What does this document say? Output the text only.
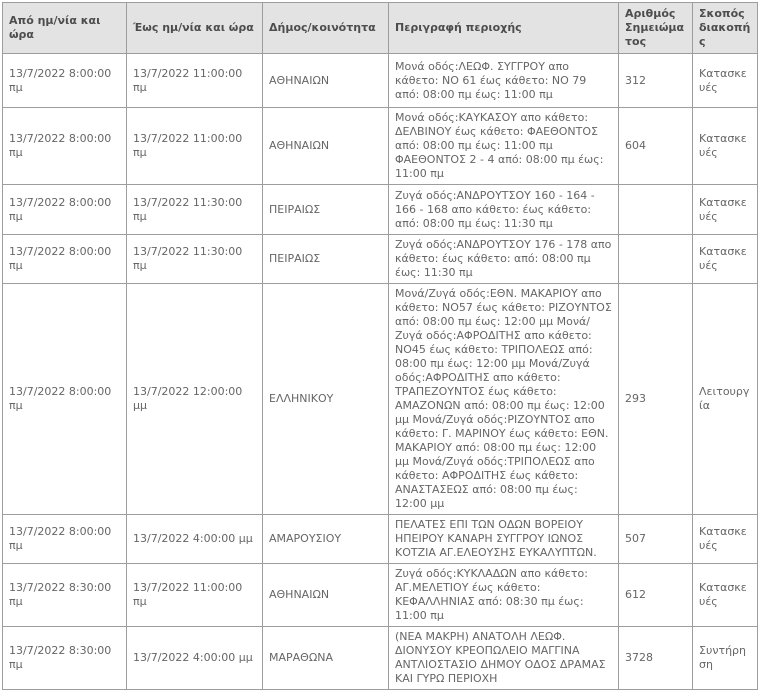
Από ημ/νία και ώρα	Έως ημ/νία και ώρα	Δήμος/κοινότητα	Περιγραφή περιοχής	Αριθμός Σημειώματος	Σκοπός διακοπής
13/7/2022 8:00:00 πμ	13/7/2022 11:00:00 πμ	ΑΘΗΝΑΙΩΝ	Μονά οδός:ΛΕΩΦ. ΣΥΓΓΡΟΥ απο κάθετο: ΝΟ 61 έως κάθετο: ΝΟ 79 από: 08:00 πμ έως: 11:00 πμ	312	Κατασκευές
13/7/2022 8:00:00 πμ	13/7/2022 11:00:00 πμ	ΑΘΗΝΑΙΩΝ	Μονά οδός:ΚΑΥΚΑΣΟΥ απο κάθετο: ΔΕΛΒΙΝΟΥ έως κάθετο: ΦΑΕΘΟΝΤΟΣ από: 08:00 πμ έως: 11:00 πμ ΦΑΕΘΟΝΤΟΣ 2 - 4 από: 08:00 πμ έως: 11:00 πμ	604	Κατασκευές
13/7/2022 8:00:00 πμ	13/7/2022 11:30:00 πμ	ΠΕΙΡΑΙΩΣ	Ζυγά οδός:ΑΝΔΡΟΥΤΣΟΥ 160 - 164 - 166 - 168 απο κάθετο: έως κάθετο: από: 08:00 πμ έως: 11:30 πμ		Κατασκευές
13/7/2022 8:00:00 πμ	13/7/2022 11:30:00 πμ	ΠΕΙΡΑΙΩΣ	Ζυγά οδός:ΑΝΔΡΟΥΤΣΟΥ 176 - 178 απο κάθετο: έως κάθετο: από: 08:00 πμ έως: 11:30 πμ		Κατασκευές
13/7/2022 8:00:00 πμ	13/7/2022 12:00:00 μμ	ΕΛΛΗΝΙΚΟΥ	Μονά/Ζυγά οδός:ΕΘΝ. ΜΑΚΑΡΙΟΥ απο κάθετο: ΝΟ57 έως κάθετο: ΡΙΖΟΥΝΤΟΣ από: 08:00 πμ έως: 12:00 μμ Μονά/Ζυγά οδός:ΑΦΡΟΔΙΤΗΣ απο κάθετο: ΝΟ45 έως κάθετο: ΤΡΙΠΟΛΕΩΣ από: 08:00 πμ έως: 12:00 μμ Μονά/Ζυγά οδός:ΑΦΡΟΔΙΤΗΣ απο κάθετο: ΤΡΑΠΕΖΟΥΝΤΟΣ έως κάθετο: ΑΜΑΖΟΝΩΝ από: 08:00 πμ έως: 12:00 μμ Μονά/Ζυγά οδός:ΡΙΖΟΥΝΤΟΣ απο κάθετο: Γ. ΜΑΡΙΝΟΥ έως κάθετο: ΕΘΝ. ΜΑΚΑΡΙΟΥ από: 08:00 πμ έως: 12:00 μμ Μονά/Ζυγά οδός:ΤΡΙΠΟΛΕΩΣ απο κάθετο: ΑΦΡΟΔΙΤΗΣ έως κάθετο: ΑΝΑΣΤΑΣΕΩΣ από: 08:00 πμ έως: 12:00 μμ	293	Λειτουργία
13/7/2022 8:00:00 πμ	13/7/2022 4:00:00 μμ	ΑΜΑΡΟΥΣΙΟΥ	ΠΕΛΑΤΕΣ ΕΠΙ ΤΩΝ ΟΔΩΝ ΒΟΡΕΙΟΥ ΗΠΕΙΡΟΥ ΚΑΝΑΡΗ ΣΥΓΓΡΟΥ ΙΩΝΟΣ ΚΟΤΖΙΑ ΑΓ.ΕΛΕΟΥΣΗΣ ΕΥΚΑΛΥΠΤΩΝ.	507	Κατασκευές
13/7/2022 8:30:00 πμ	13/7/2022 11:00:00 πμ	ΑΘΗΝΑΙΩΝ	Ζυγά οδός:ΚΥΚΛΑΔΩΝ απο κάθετο: ΑΓ.ΜΕΛΕΤΙΟΥ έως κάθετο: ΚΕΦΑΛΛΗΝΙΑΣ από: 08:30 πμ έως: 11:00 πμ	612	Κατασκευές
13/7/2022 8:30:00 πμ	13/7/2022 4:00:00 μμ	ΜΑΡΑΘΩΝΑ	(ΝΕΑ ΜΑΚΡΗ) ΑΝΑΤΟΛΗ ΛΕΩΦ. ΔΙΟΝΥΣΟΥ ΚΡΕΟΠΩΛΕΙΟ ΜΑΓΓΙΝΑ ΑΝΤΛΙΟΣΤΑΣΙΟ ΔΗΜΟΥ ΟΔΟΣ ΔΡΑΜΑΣ ΚΑΙ ΓΥΡΩ ΠΕΡΙΟΧΗ	3728	Συντήρηση
